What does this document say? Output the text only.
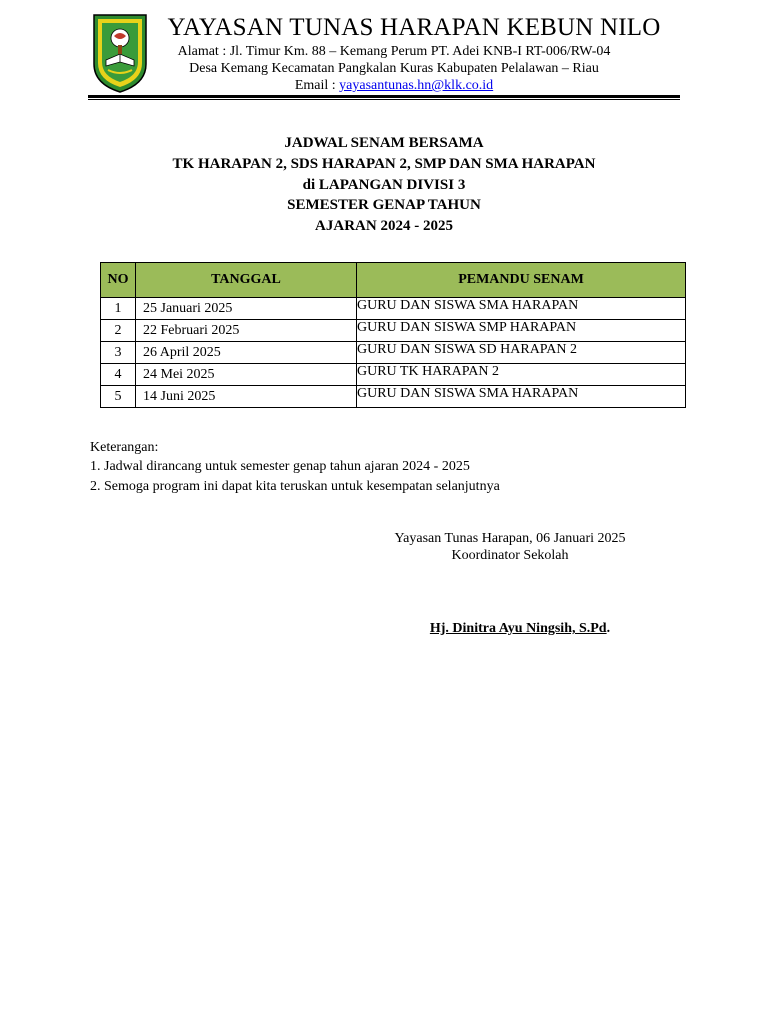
YAYASAN TUNAS HARAPAN KEBUN NILO
Alamat : Jl. Timur Km. 88 – Kemang Perum PT. Adei KNB-I RT-006/RW-04
Desa Kemang Kecamatan Pangkalan Kuras Kabupaten Pelalawan – Riau
Email : yayasantunas.hn@klk.co.id
JADWAL SENAM BERSAMA
TK HARAPAN 2, SDS HARAPAN 2, SMP DAN SMA HARAPAN
di LAPANGAN DIVISI 3
SEMESTER GENAP TAHUN
AJARAN 2024 - 2025
NO	TANGGAL	PEMANDU SENAM
1	25 Januari 2025	GURU DAN SISWA SMA HARAPAN
2	22 Februari 2025	GURU DAN SISWA SMP HARAPAN
3	26 April 2025	GURU DAN SISWA SD HARAPAN 2
4	24 Mei 2025	GURU TK HARAPAN 2
5	14 Juni 2025	GURU DAN SISWA SMA HARAPAN
Keterangan:
1. Jadwal dirancang untuk semester genap tahun ajaran 2024 - 2025
2. Semoga program ini dapat kita teruskan untuk kesempatan selanjutnya
Yayasan Tunas Harapan, 06 Januari 2025
Koordinator Sekolah
Hj. Dinitra Ayu Ningsih, S.Pd.
